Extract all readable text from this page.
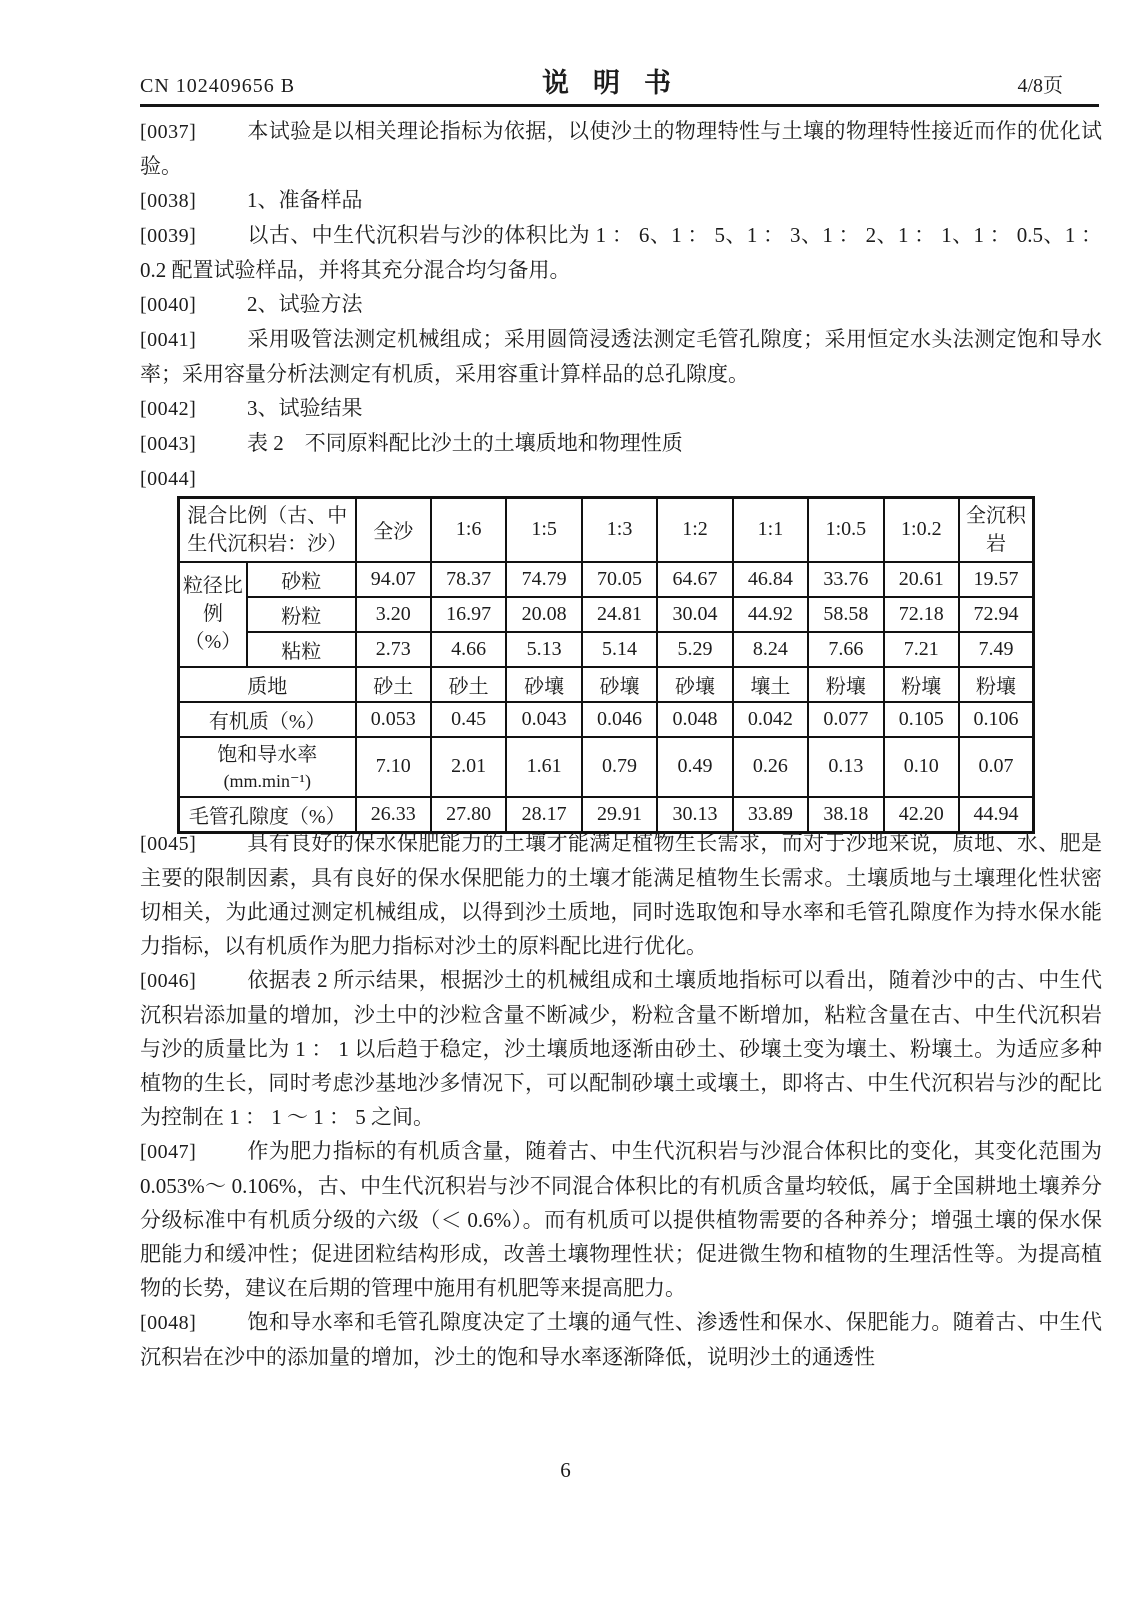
CN 102409656 B	说明书	4/8页

[0037] 本试验是以相关理论指标为依据，以使沙土的物理特性与土壤的物理特性接近而作的优化试验。

[0038] 1、准备样品

[0039] 以古、中生代沉积岩与沙的体积比为 1 ： 6、1 ： 5、1 ： 3、1 ： 2、1 ： 1、1 ： 0.5、1 ： 0.2 配置试验样品，并将其充分混合均匀备用。

[0040] 2、试验方法

[0041] 采用吸管法测定机械组成；采用圆筒浸透法测定毛管孔隙度；采用恒定水头法测定饱和导水率；采用容量分析法测定有机质，采用容重计算样品的总孔隙度。

[0042] 3、试验结果

[0043] 表 2　不同原料配比沙土的土壤质地和物理性质

[0044]

混合比例（古、中生代沉积岩：沙）		全沙	1:6	1:5	1:3	1:2	1:1	1:0.5	1:0.2	全沉积岩

粒径比例
（%）	砂粒	94.07	78.37	74.79	70.05	64.67	46.84	33.76	20.61	19.57
	粉粒	3.20	16.97	20.08	24.81	30.04	44.92	58.58	72.18	72.94
	粘粒	2.73	4.66	5.13	5.14	5.29	8.24	7.66	7.21	7.49
质地		砂土	砂土	砂壤	砂壤	砂壤	壤土	粉壤	粉壤	粉壤
有机质（%）		0.053	0.45	0.043	0.046	0.048	0.042	0.077	0.105	0.106

饱和导水率
(mm.min⁻¹)		7.10	2.01	1.61	0.79	0.49	0.26	0.13	0.10	0.07
毛管孔隙度（%）		26.33	27.80	28.17	29.91	30.13	33.89	38.18	42.20	44.94

[0045] 具有良好的保水保肥能力的土壤才能满足植物生长需求，而对于沙地来说，质地、水、肥是主要的限制因素，具有良好的保水保肥能力的土壤才能满足植物生长需求。土壤质地与土壤理化性状密切相关，为此通过测定机械组成，以得到沙土质地，同时选取饱和导水率和毛管孔隙度作为持水保水能力指标，以有机质作为肥力指标对沙土的原料配比进行优化。

[0046] 依据表 2 所示结果，根据沙土的机械组成和土壤质地指标可以看出，随着沙中的古、中生代沉积岩添加量的增加，沙土中的沙粒含量不断减少，粉粒含量不断增加，粘粒含量在古、中生代沉积岩与沙的质量比为 1 ： 1 以后趋于稳定，沙土壤质地逐渐由砂土、砂壤土变为壤土、粉壤土。为适应多种植物的生长，同时考虑沙基地沙多情况下，可以配制砂壤土或壤土，即将古、中生代沉积岩与沙的配比为控制在 1 ： 1 ～ 1 ： 5 之间。

[0047] 作为肥力指标的有机质含量，随着古、中生代沉积岩与沙混合体积比的变化，其变化范围为 0.053%～ 0.106%，古、中生代沉积岩与沙不同混合体积比的有机质含量均较低，属于全国耕地土壤养分分级标准中有机质分级的六级（＜ 0.6%）。而有机质可以提供植物需要的各种养分；增强土壤的保水保肥能力和缓冲性；促进团粒结构形成，改善土壤物理性状；促进微生物和植物的生理活性等。为提高植物的长势，建议在后期的管理中施用有机肥等来提高肥力。

[0048] 饱和导水率和毛管孔隙度决定了土壤的通气性、渗透性和保水、保肥能力。随着古、中生代沉积岩在沙中的添加量的增加，沙土的饱和导水率逐渐降低，说明沙土的通透性

6
